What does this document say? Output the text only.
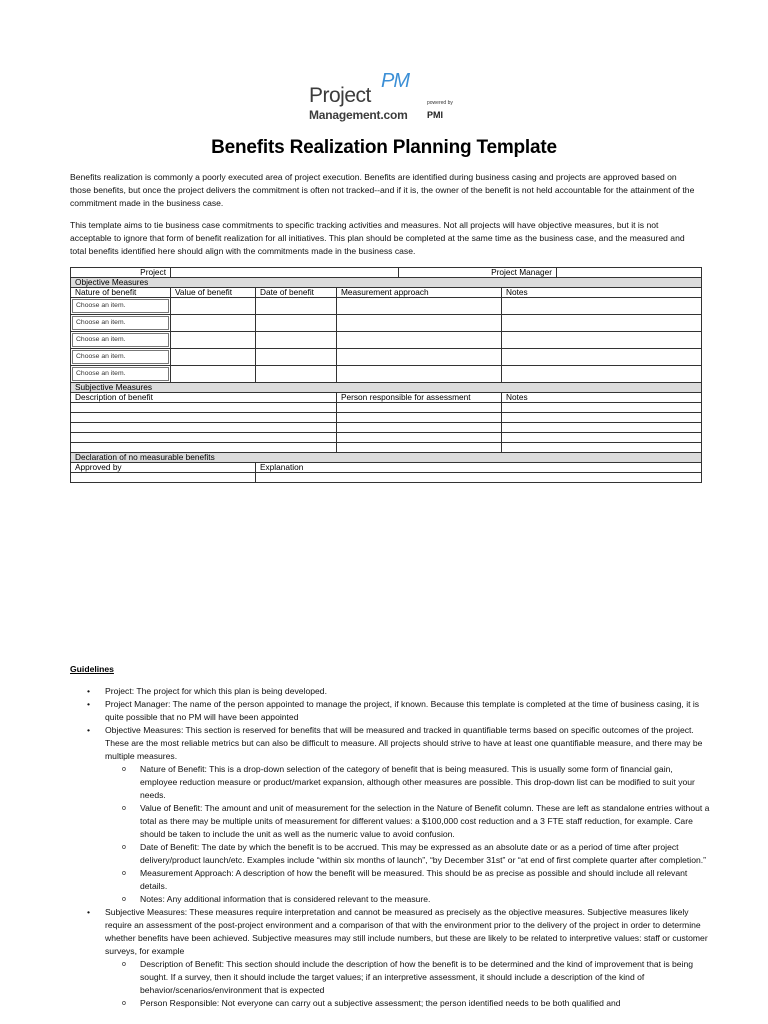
Project
Management.com
PM
powered by
PMI
Benefits Realization Planning Template
Benefits realization is commonly a poorly executed area of project execution. Benefits are identified during business casing and projects are approved based on those benefits, but once the project delivers the commitment is often not tracked--and if it is, the owner of the benefit is not held accountable for the attainment of the commitment made in the business case.
This template aims to tie business case commitments to specific tracking activities and measures. Not all projects will have objective measures, but it is not acceptable to ignore that form of benefit realization for all initiatives. This plan should be completed at the same time as the business case, and the measured and total benefits identified here should align with the commitments made in the business case.
Project				Project Manager		
Objective Measures						
Nature of benefit	Value of benefit	Date of benefit	Measurement approach		Notes	

Choose an item.						

Choose an item.						

Choose an item.						

Choose an item.						

Choose an item.						

Subjective Measures						
Description of benefit			Person responsible for assessment		Notes	

Declaration of no measurable benefits						
Approved by		Explanation				

Guidelines
• Project: The project for which this plan is being developed.
• Project Manager: The name of the person appointed to manage the project, if known. Because this template is completed at the time of business casing, it is quite possible that no PM will have been appointed
• Objective Measures: This section is reserved for benefits that will be measured and tracked in quantifiable terms based on specific outcomes of the project. These are the most reliable metrics but can also be difficult to measure. All projects should strive to have at least one quantifiable measure, and there may be multiple measures.
o Nature of Benefit: This is a drop-down selection of the category of benefit that is being measured. This is usually some form of financial gain, employee reduction measure or product/market expansion, although other measures are possible. This drop-down list can be modified to suit your needs.
o Value of Benefit: The amount and unit of measurement for the selection in the Nature of Benefit column. These are left as standalone entries without a total as there may be multiple units of measurement for different values: a $100,000 cost reduction and a 3 FTE staff reduction, for example. Care should be taken to include the unit as well as the numeric value to avoid confusion.
o Date of Benefit: The date by which the benefit is to be accrued. This may be expressed as an absolute date or as a period of time after project delivery/product launch/etc. Examples include “within six months of launch”, “by December 31st” or “at end of first complete quarter after completion.”
o Measurement Approach: A description of how the benefit will be measured. This should be as precise as possible and should include all relevant details.
o Notes: Any additional information that is considered relevant to the measure.
• Subjective Measures: These measures require interpretation and cannot be measured as precisely as the objective measures. Subjective measures likely require an assessment of the post-project environment and a comparison of that with the environment prior to the delivery of the project in order to determine whether benefits have been achieved. Subjective measures may still include numbers, but these are likely to be related to interpretive values: staff or customer surveys, for example
o Description of Benefit: This section should include the description of how the benefit is to be determined and the kind of improvement that is being sought. If a survey, then it should include the target values; if an interpretive assessment, it should include a description of the kind of behavior/scenarios/environment that is expected
o Person Responsible: Not everyone can carry out a subjective assessment; the person identified needs to be both qualified and
